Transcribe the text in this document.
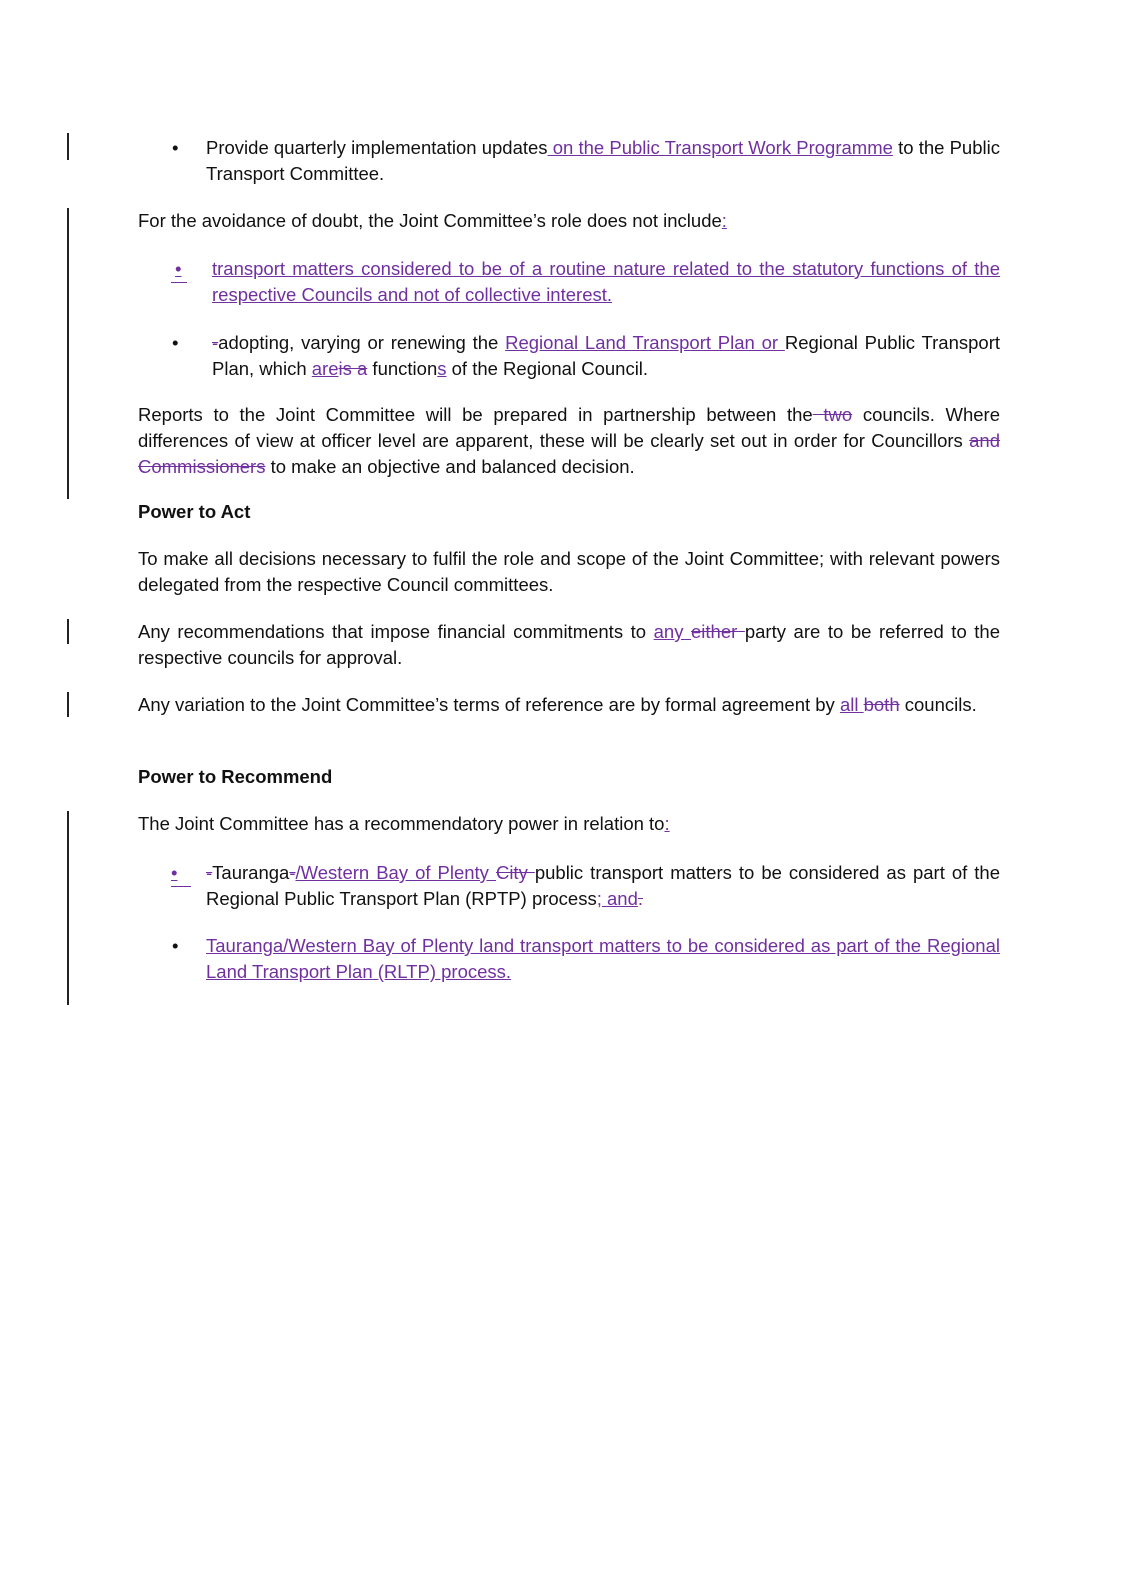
• Provide quarterly implementation updates on the Public Transport Work Programme to the Public Transport Committee.
For the avoidance of doubt, the Joint Committee’s role does not include:
•	transport matters considered to be of a routine nature related to the statutory functions of the respective Councils and not of collective interest.
• -adopting, varying or renewing the Regional Land Transport Plan or Regional Public Transport Plan, which areis a functions of the Regional Council.
Reports to the Joint Committee will be prepared in partnership between the two councils. Where differences of view at officer level are apparent, these will be clearly set out in order for Councillors and Commissioners to make an objective and balanced decision.
Power to Act
To make all decisions necessary to fulfil the role and scope of the Joint Committee; with relevant powers delegated from the respective Council committees.
Any recommendations that impose financial commitments to any either party are to be referred to the respective councils for approval.
Any variation to the Joint Committee’s terms of reference are by formal agreement by all both councils.
Power to Recommend
The Joint Committee has a recommendatory power in relation to:
•	-Tauranga-/Western Bay of Plenty City public transport matters to be considered as part of the Regional Public Transport Plan (RPTP) process; and.
• Tauranga/Western Bay of Plenty land transport matters to be considered as part of the Regional Land Transport Plan (RLTP) process.
